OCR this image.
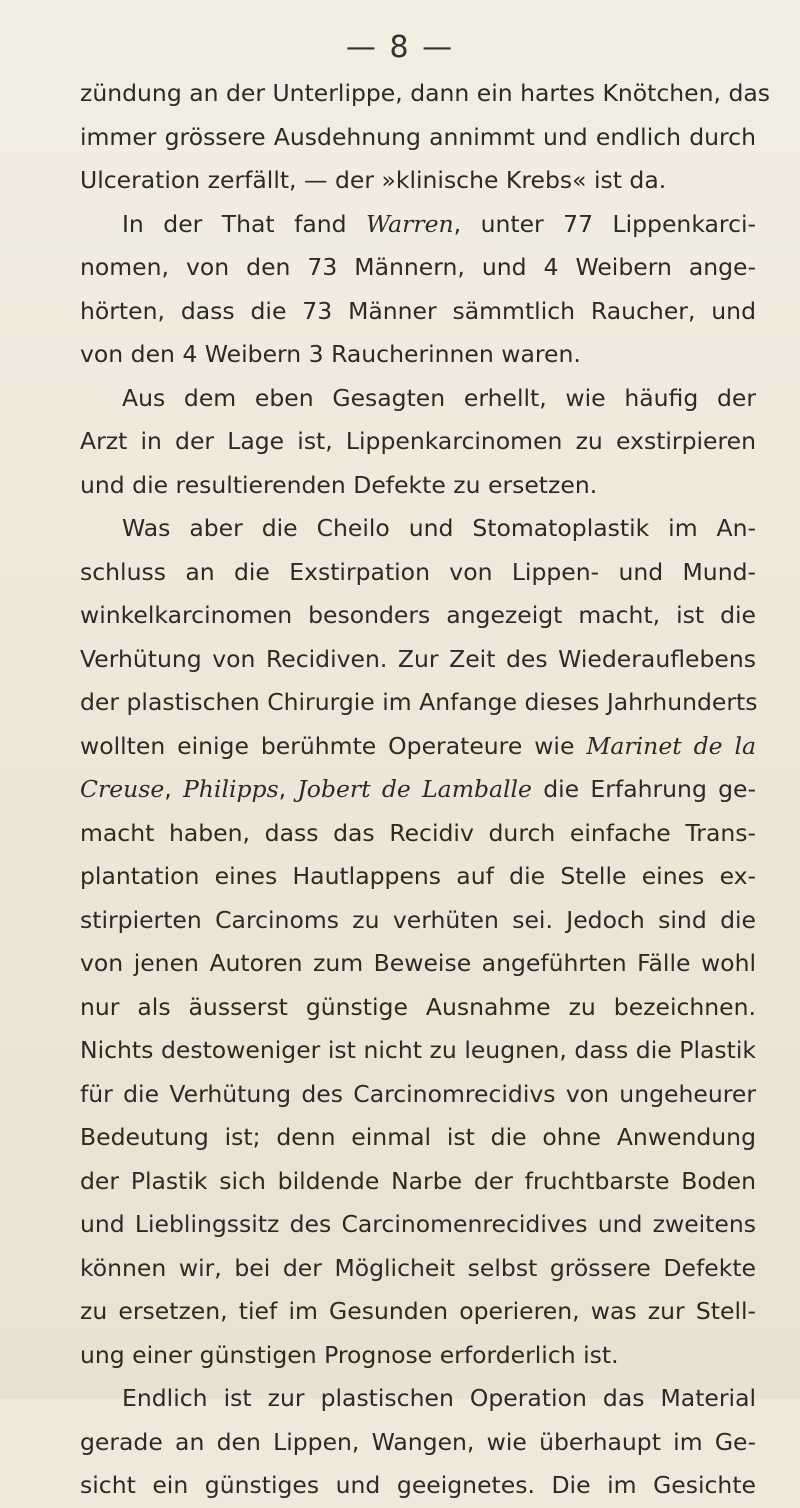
— 8 —
zündung an der Unterlippe, dann ein hartes Knötchen, das
immer grössere Ausdehnung annimmt und endlich durch
Ulceration zerfällt, — der »klinische Krebs« ist da.
In der That fand Warren, unter 77 Lippenkarci-
nomen, von den 73 Männern, und 4 Weibern ange-
hörten, dass die 73 Männer sämmtlich Raucher, und
von den 4 Weibern 3 Raucherinnen waren.
Aus dem eben Gesagten erhellt, wie häufig der
Arzt in der Lage ist, Lippenkarcinomen zu exstirpieren
und die resultierenden Defekte zu ersetzen.
Was aber die Cheilo und Stomatoplastik im An-
schluss an die Exstirpation von Lippen- und Mund-
winkelkarcinomen besonders angezeigt macht, ist die
Verhütung von Recidiven. Zur Zeit des Wiederauflebens
der plastischen Chirurgie im Anfange dieses Jahrhunderts
wollten einige berühmte Operateure wie Marinet de la
Creuse, Philipps, Jobert de Lamballe die Erfahrung ge-
macht haben, dass das Recidiv durch einfache Trans-
plantation eines Hautlappens auf die Stelle eines ex-
stirpierten Carcinoms zu verhüten sei. Jedoch sind die
von jenen Autoren zum Beweise angeführten Fälle wohl
nur als äusserst günstige Ausnahme zu bezeichnen.
Nichts destoweniger ist nicht zu leugnen, dass die Plastik
für die Verhütung des Carcinomrecidivs von ungeheurer
Bedeutung ist; denn einmal ist die ohne Anwendung
der Plastik sich bildende Narbe der fruchtbarste Boden
und Lieblingssitz des Carcinomenrecidives und zweitens
können wir, bei der Möglicheit selbst grössere Defekte
zu ersetzen, tief im Gesunden operieren, was zur Stell-
ung einer günstigen Prognose erforderlich ist.
Endlich ist zur plastischen Operation das Material
gerade an den Lippen, Wangen, wie überhaupt im Ge-
sicht ein günstiges und geeignetes. Die im Gesichte
